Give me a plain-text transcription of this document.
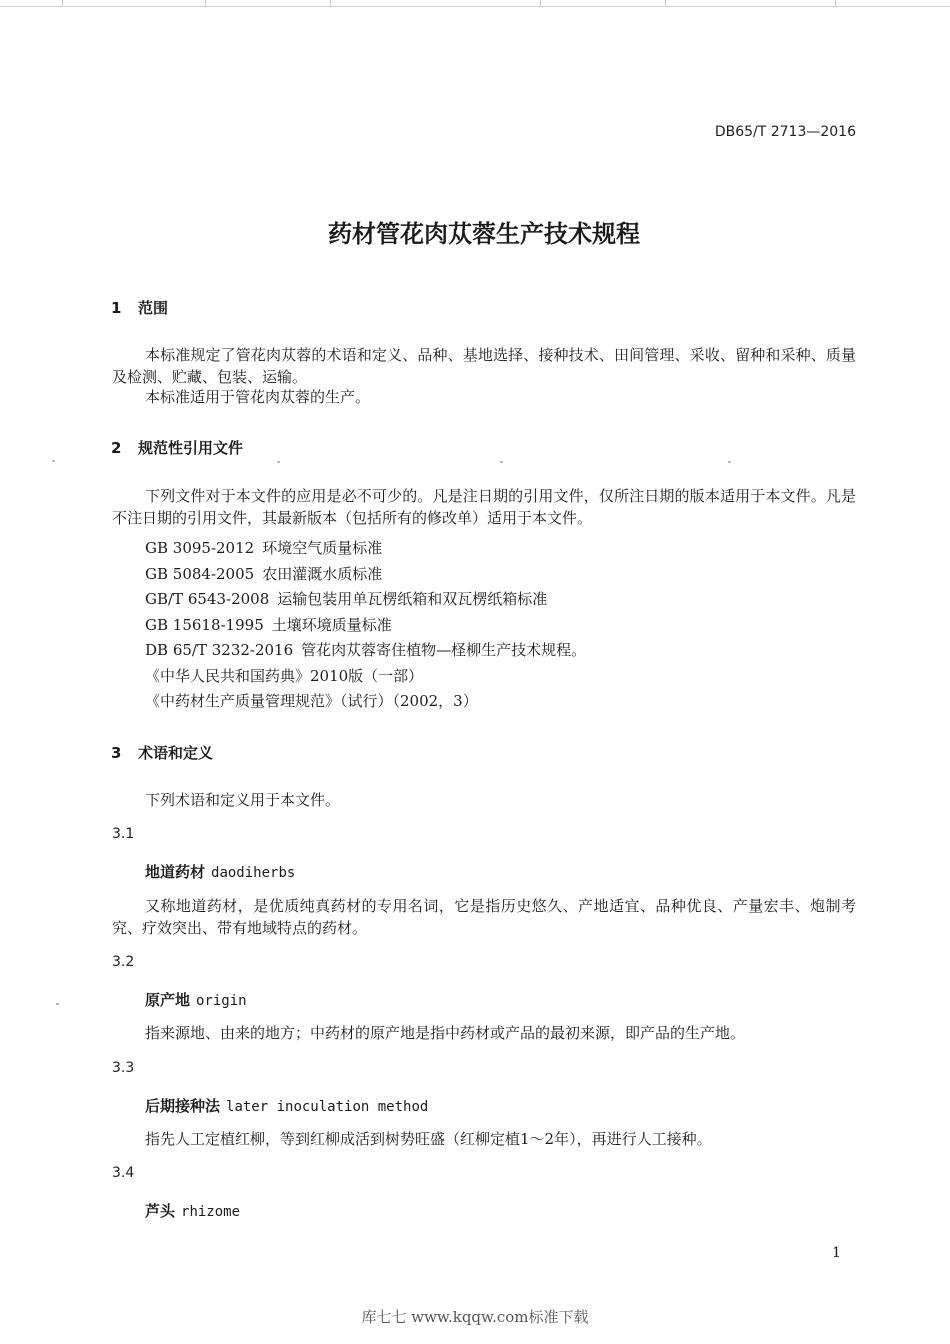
DB65/T 2713—2016
药材管花肉苁蓉生产技术规程
1 范围
本标准规定了管花肉苁蓉的术语和定义、品种、基地选择、接种技术、田间管理、采收、留种和采种、质量及检测、贮藏、包装、运输。
本标准适用于管花肉苁蓉的生产。
2 规范性引用文件
下列文件对于本文件的应用是必不可少的。凡是注日期的引用文件，仅所注日期的版本适用于本文件。凡是不注日期的引用文件，其最新版本（包括所有的修改单）适用于本文件。
GB 3095-2012 环境空气质量标准
GB 5084-2005 农田灌溉水质标准
GB/T 6543-2008 运输包装用单瓦楞纸箱和双瓦楞纸箱标准
GB 15618-1995 土壤环境质量标准
DB 65/T 3232-2016 管花肉苁蓉寄住植物—柽柳生产技术规程。
《中华人民共和国药典》2010版（一部）
《中药材生产质量管理规范》（试行）（2002，3）
3 术语和定义
下列术语和定义用于本文件。
3.1
地道药材 daodiherbs
又称地道药材，是优质纯真药材的专用名词，它是指历史悠久、产地适宜、品种优良、产量宏丰、炮制考究、疗效突出、带有地域特点的药材。
3.2
原产地 origin
指来源地、由来的地方；中药材的原产地是指中药材或产品的最初来源，即产品的生产地。
3.3
后期接种法 later inoculation method
指先人工定植红柳，等到红柳成活到树势旺盛（红柳定植1～2年），再进行人工接种。
3.4
芦头 rhizome
1
库七七 www.kqqw.com标准下载
